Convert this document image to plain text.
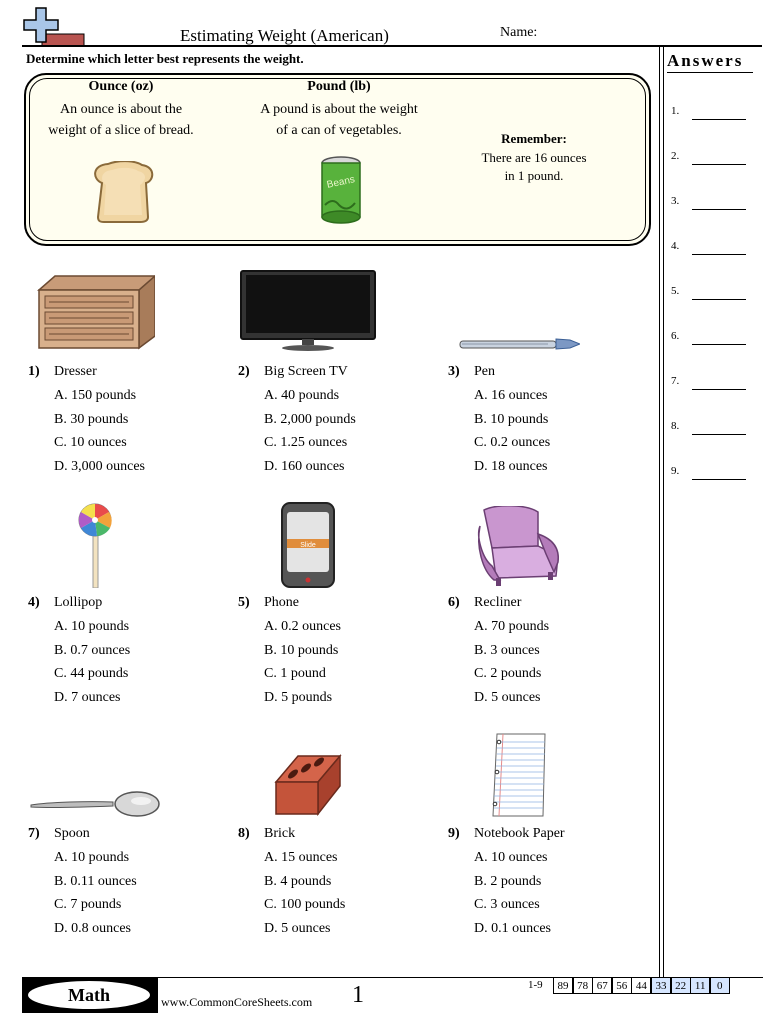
Estimating Weight (American)	Name:
Determine which letter best represents the weight.	Answers
1.
2.
3.
4.
5.
6.
7.
8.
9.
Ounce (oz)
An ounce is about the
weight of a slice of bread.
Pound (lb)
A pound is about the weight
of a can of vegetables.
Remember:
There are 16 ounces
in 1 pound.
Beans
1) Dresser
A. 150 pounds
B. 30 pounds
C. 10 ounces
D. 3,000 ounces
2) Big Screen TV
A. 40 pounds
B. 2,000 pounds
C. 1.25 ounces
D. 160 ounces
3) Pen
A. 16 ounces
B. 10 pounds
C. 0.2 ounces
D. 18 ounces
4) Lollipop
A. 10 pounds
B. 0.7 ounces
C. 44 pounds
D. 7 ounces
Slide
5) Phone
A. 0.2 ounces
B. 10 pounds
C. 1 pound
D. 5 pounds
6) Recliner
A. 70 pounds
B. 3 ounces
C. 2 pounds
D. 5 ounces
7) Spoon
A. 10 pounds
B. 0.11 ounces
C. 7 pounds
D. 0.8 ounces
8) Brick
A. 15 ounces
B. 4 pounds
C. 100 pounds
D. 5 ounces
9) Notebook Paper
A. 10 ounces
B. 2 pounds
C. 3 ounces
D. 0.1 ounces
Math	www.CommonCoreSheets.com 1	1-9	89 78 67 56 44 33 22 11	0
